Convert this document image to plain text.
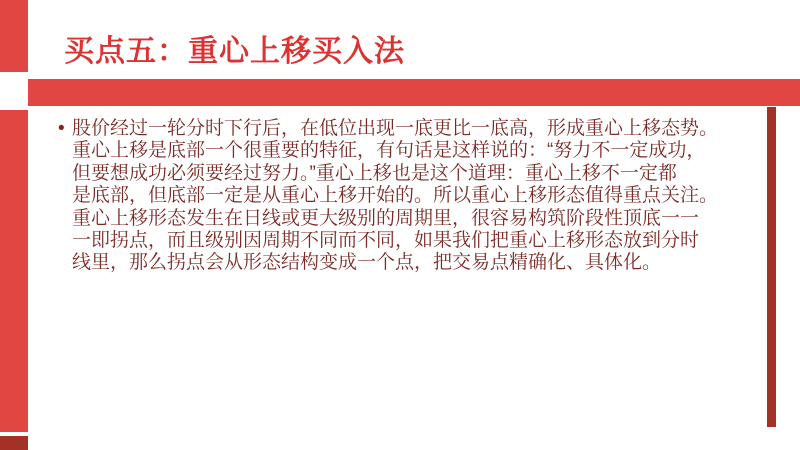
买点五：重心上移买入法
• 股价经过一轮分时下行后，在低位出现一底更比一底高，形成重心上移态势。
重心上移是底部一个很重要的特征，有句话是这样说的：“努力不一定成功，
但要想成功必须要经过努力。”重心上移也是这个道理：重心上移不一定都
是底部，但底部一定是从重心上移开始的。所以重心上移形态值得重点关注。
重心上移形态发生在日线或更大级别的周期里，很容易构筑阶段性顶底一一
一即拐点，而且级别因周期不同而不同，如果我们把重心上移形态放到分时
线里，那么拐点会从形态结构变成一个点，把交易点精确化、具体化。
